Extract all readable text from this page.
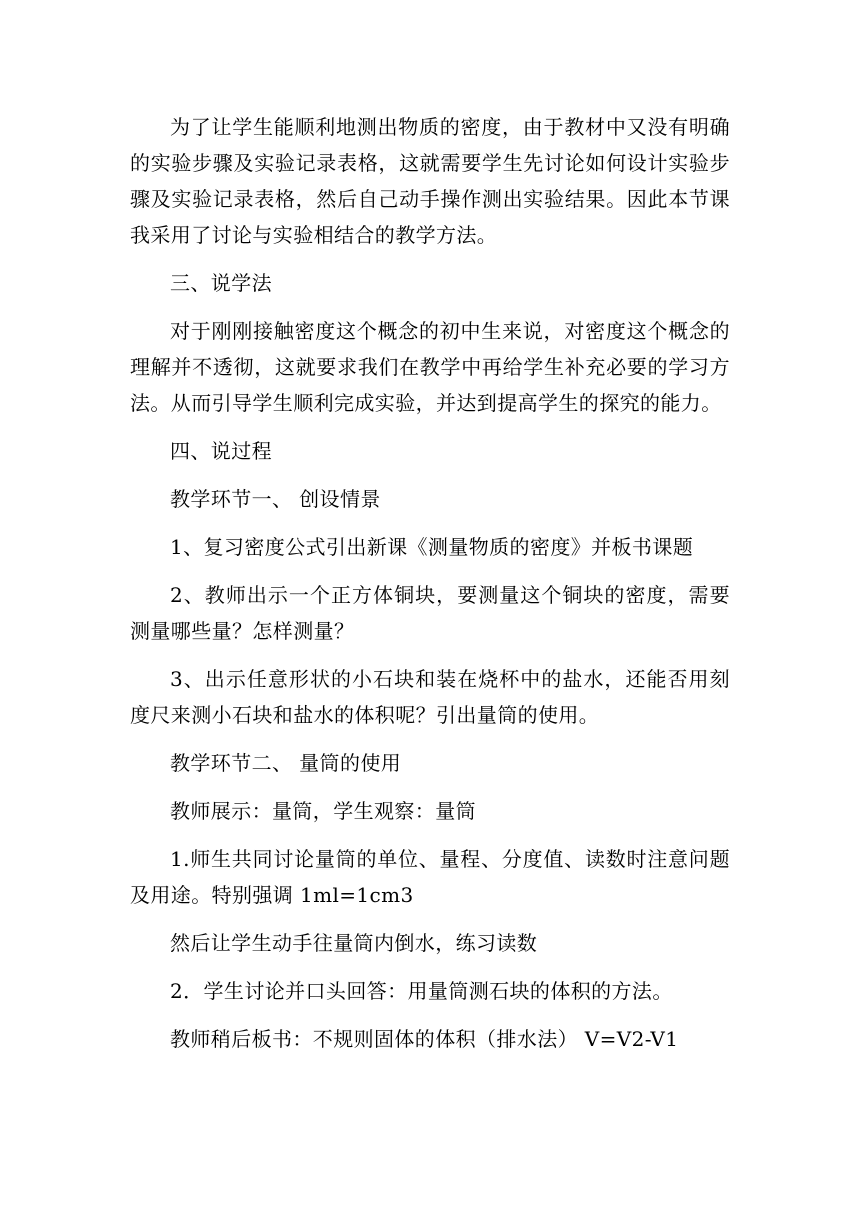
为了让学生能顺利地测出物质的密度，由于教材中又没有明确的实验步骤及实验记录表格，这就需要学生先讨论如何设计实验步骤及实验记录表格，然后自己动手操作测出实验结果。因此本节课我采用了讨论与实验相结合的教学方法。

三、说学法

对于刚刚接触密度这个概念的初中生来说，对密度这个概念的理解并不透彻，这就要求我们在教学中再给学生补充必要的学习方法。从而引导学生顺利完成实验，并达到提高学生的探究的能力。

四、说过程

教学环节一、 创设情景

1、复习密度公式引出新课《测量物质的密度》并板书课题

2、教师出示一个正方体铜块，要测量这个铜块的密度，需要测量哪些量？怎样测量？

3、出示任意形状的小石块和装在烧杯中的盐水，还能否用刻度尺来测小石块和盐水的体积呢？引出量筒的使用。

教学环节二、 量筒的使用

教师展示：量筒，学生观察：量筒

1.师生共同讨论量筒的单位、量程、分度值、读数时注意问题及用途。特别强调 1ml=1cm3

然后让学生动手往量筒内倒水，练习读数

2．学生讨论并口头回答：用量筒测石块的体积的方法。

教师稍后板书：不规则固体的体积（排水法） V=V2-V1
